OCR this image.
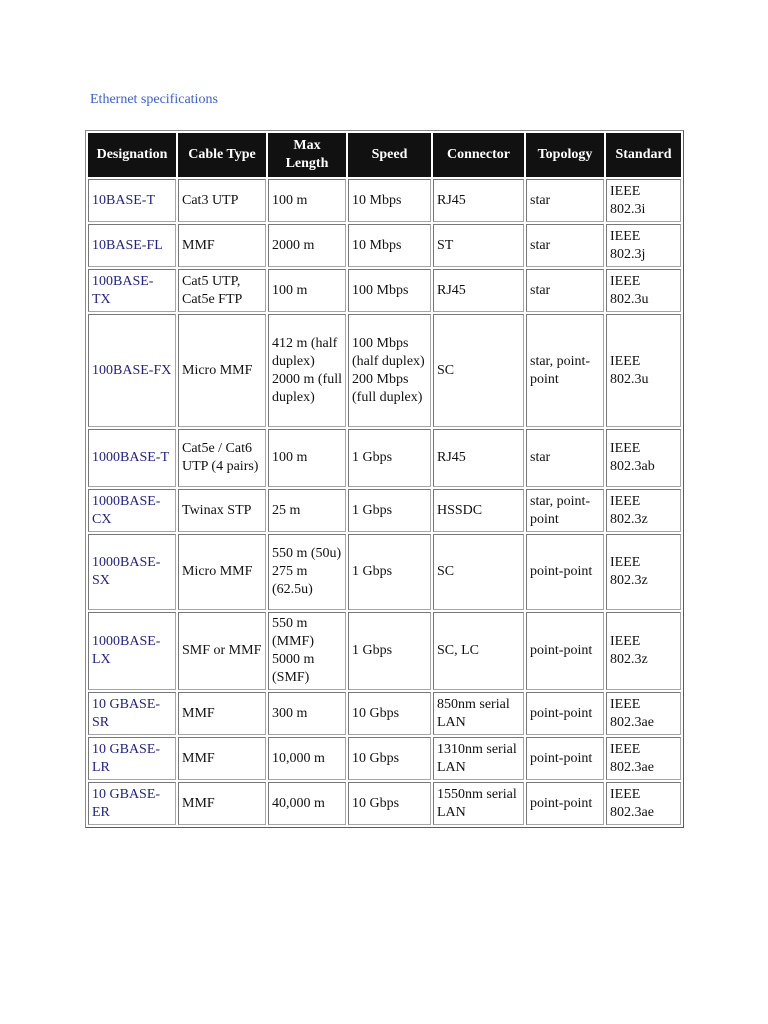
Ethernet specifications
Designation	Cable Type	Max Length	Speed	Connector	Topology	Standard
10BASE-T	Cat3 UTP	100 m	10 Mbps	RJ45	star	IEEE 802.3i
10BASE-FL	MMF	2000 m	10 Mbps	ST	star	IEEE 802.3j
100BASE-TX	Cat5 UTP, Cat5e FTP	100 m	100 Mbps	RJ45	star	IEEE 802.3u
100BASE-FX	Micro MMF	412 m (half duplex) 2000 m (full duplex)	100 Mbps (half duplex) 200 Mbps (full duplex)	SC	star, point-point	IEEE 802.3u
1000BASE-T	Cat5e / Cat6 UTP (4 pairs)	100 m	1 Gbps	RJ45	star	IEEE 802.3ab
1000BASE-CX	Twinax STP	25 m	1 Gbps	HSSDC	star, point-point	IEEE 802.3z
1000BASE-SX	Micro MMF	550 m (50u) 275 m (62.5u)	1 Gbps	SC	point-point	IEEE 802.3z
1000BASE-LX	SMF or MMF	550 m (MMF) 5000 m (SMF)	1 Gbps	SC, LC	point-point	IEEE 802.3z
10 GBASE-SR	MMF	300 m	10 Gbps	850nm serial LAN	point-point	IEEE 802.3ae
10 GBASE-LR	MMF	10,000 m	10 Gbps	1310nm serial LAN	point-point	IEEE 802.3ae
10 GBASE-ER	MMF	40,000 m	10 Gbps	1550nm serial LAN	point-point	IEEE 802.3ae
